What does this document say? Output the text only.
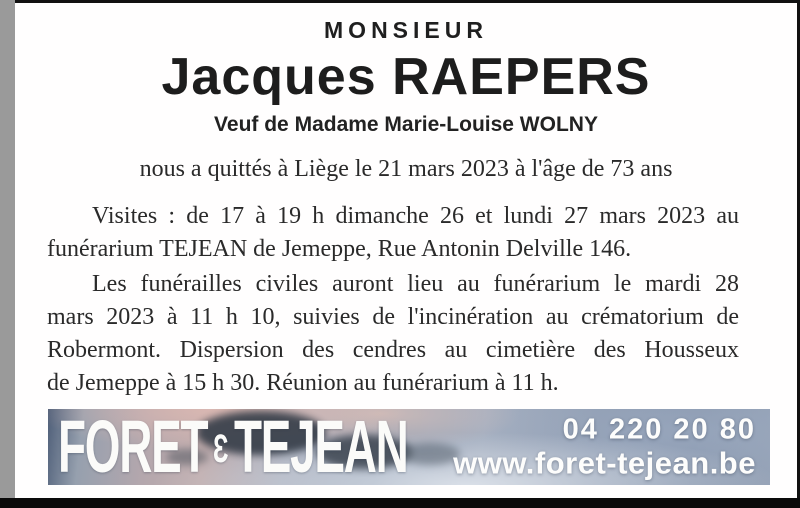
MONSIEUR
Jacques RAEPERS
Veuf de Madame Marie-Louise WOLNY
nous a quittés à Liège le 21 mars 2023 à l'âge de 73 ans
Visites : de 17 à 19 h dimanche 26 et lundi 27 mars 2023 au
funérarium TEJEAN de Jemeppe, Rue Antonin Delville 146.
Les funérailles civiles auront lieu au funérarium le mardi 28
mars 2023 à 11 h 10, suivies de l'incinération au crématorium de
Robermont. Dispersion des cendres au cimetière des Housseux
de Jemeppe à 15 h 30. Réunion au funérarium à 11 h.
FORET Ɛ TEJEAN	04 220 20 80
www.foret-tejean.be
